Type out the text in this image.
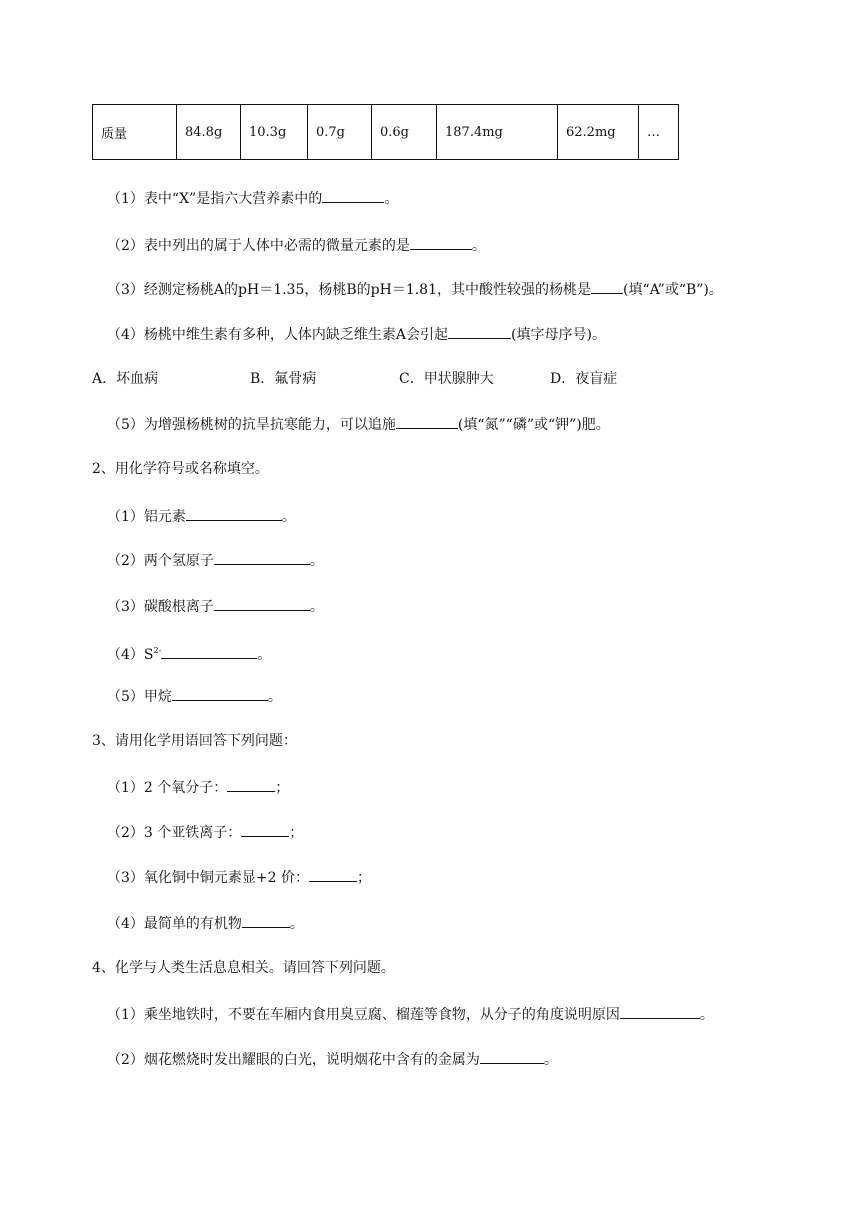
质量	84.8g	10.3g	0.7g	0.6g	187.4mg	62.2mg	…
（1）表中“X”是指六大营养素中的	。
（2）表中列出的属于人体中必需的微量元素的是	。
（3）经测定杨桃A的pH＝1.35，杨桃B的pH＝1.81，其中酸性较强的杨桃是 (填“A”或“B”)。
（4）杨桃中维生素有多种，人体内缺乏维生素A会引起	(填字母序号)。
A．坏血病	B．氟骨病	C．甲状腺肿大	D．夜盲症
（5）为增强杨桃树的抗旱抗寒能力，可以追施	(填“氮”“磷”或“钾”)肥。
2、用化学符号或名称填空。
（1）铝元素	。
（2）两个氢原子	。
（3）碳酸根离子	。
$(4)S^{2-}$	。
（5）甲烷	。
3、请用化学用语回答下列问题：
（1）2 个氧分子：	；
（2）3 个亚铁离子：	；
（3）氧化铜中铜元素显+2 价：	；
（4）最简单的有机物	。
4、化学与人类生活息息相关。请回答下列问题。
（1）乘坐地铁时，不要在车厢内食用臭豆腐、榴莲等食物，从分子的角度说明原因	。
（2）烟花燃烧时发出耀眼的白光，说明烟花中含有的金属为	。
